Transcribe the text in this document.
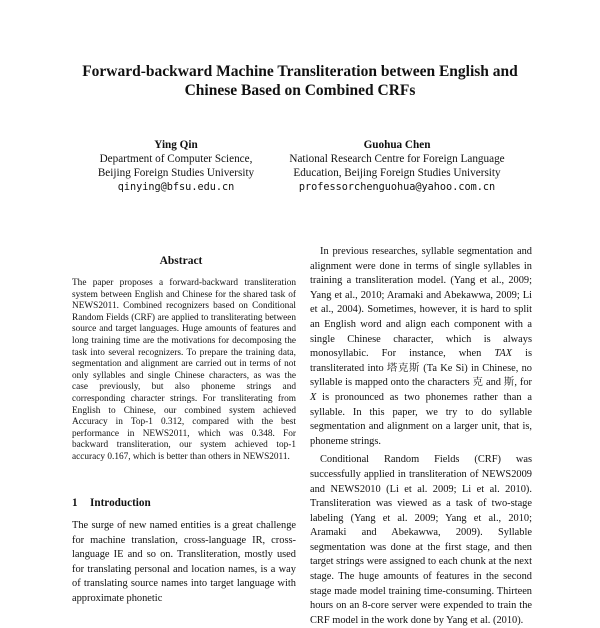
Forward-backward Machine Transliteration between English and
Chinese Based on Combined CRFs
Ying Qin
Department of Computer Science,
Beijing Foreign Studies University
qinying@bfsu.edu.cn
Guohua Chen
National Research Centre for Foreign Language
Education, Beijing Foreign Studies University
professorchenguohua@yahoo.com.cn
Abstract
The paper proposes a forward-backward transliteration system between English and Chinese for the shared task of NEWS2011. Combined recognizers based on Conditional Random Fields (CRF) are applied to transliterating between source and target languages. Huge amounts of features and long training time are the motivations for decomposing the task into several recognizers. To prepare the training data, segmentation and alignment are carried out in terms of not only syllables and single Chinese characters, as was the case previously, but also phoneme strings and corresponding character strings. For transliterating from English to Chinese, our combined system achieved Accuracy in Top-1 0.312, compared with the best performance in NEWS2011, which was 0.348. For backward transliteration, our system achieved top-1 accuracy 0.167, which is better than others in NEWS2011.
1 Introduction
The surge of new named entities is a great challenge for machine translation, cross-language IR, cross-language IE and so on. Transliteration, mostly used for translating personal and location names, is a way of translating source names into target language with approximate phonetic

In previous researches, syllable segmentation and alignment were done in terms of single syllables in training a transliteration model. (Yang et al., 2009; Yang et al., 2010; Aramaki and Abekawwa, 2009; Li et al., 2004). Sometimes, however, it is hard to split an English word and align each component with a single Chinese character, which is always monosyllabic. For instance, when TAX is transliterated into 塔克斯 (Ta Ke Si) in Chinese, no syllable is mapped onto the characters 克 and 斯, for X is pronounced as two phonemes rather than a syllable. In this paper, we try to do syllable segmentation and alignment on a larger unit, that is, phoneme strings.

Conditional Random Fields (CRF) was successfully applied in transliteration of NEWS2009 and NEWS2010 (Li et al. 2009; Li et al. 2010). Transliteration was viewed as a task of two-stage labeling (Yang et al. 2009; Yang et al., 2010; Aramaki and Abekawwa, 2009). Syllable segmentation was done at the first stage, and then target strings were assigned to each chunk at the next stage. The huge amounts of features in the second stage made model training time-consuming. Thirteen hours on an 8-core server were expended to train the CRF model in the work done by Yang et al. (2010).
